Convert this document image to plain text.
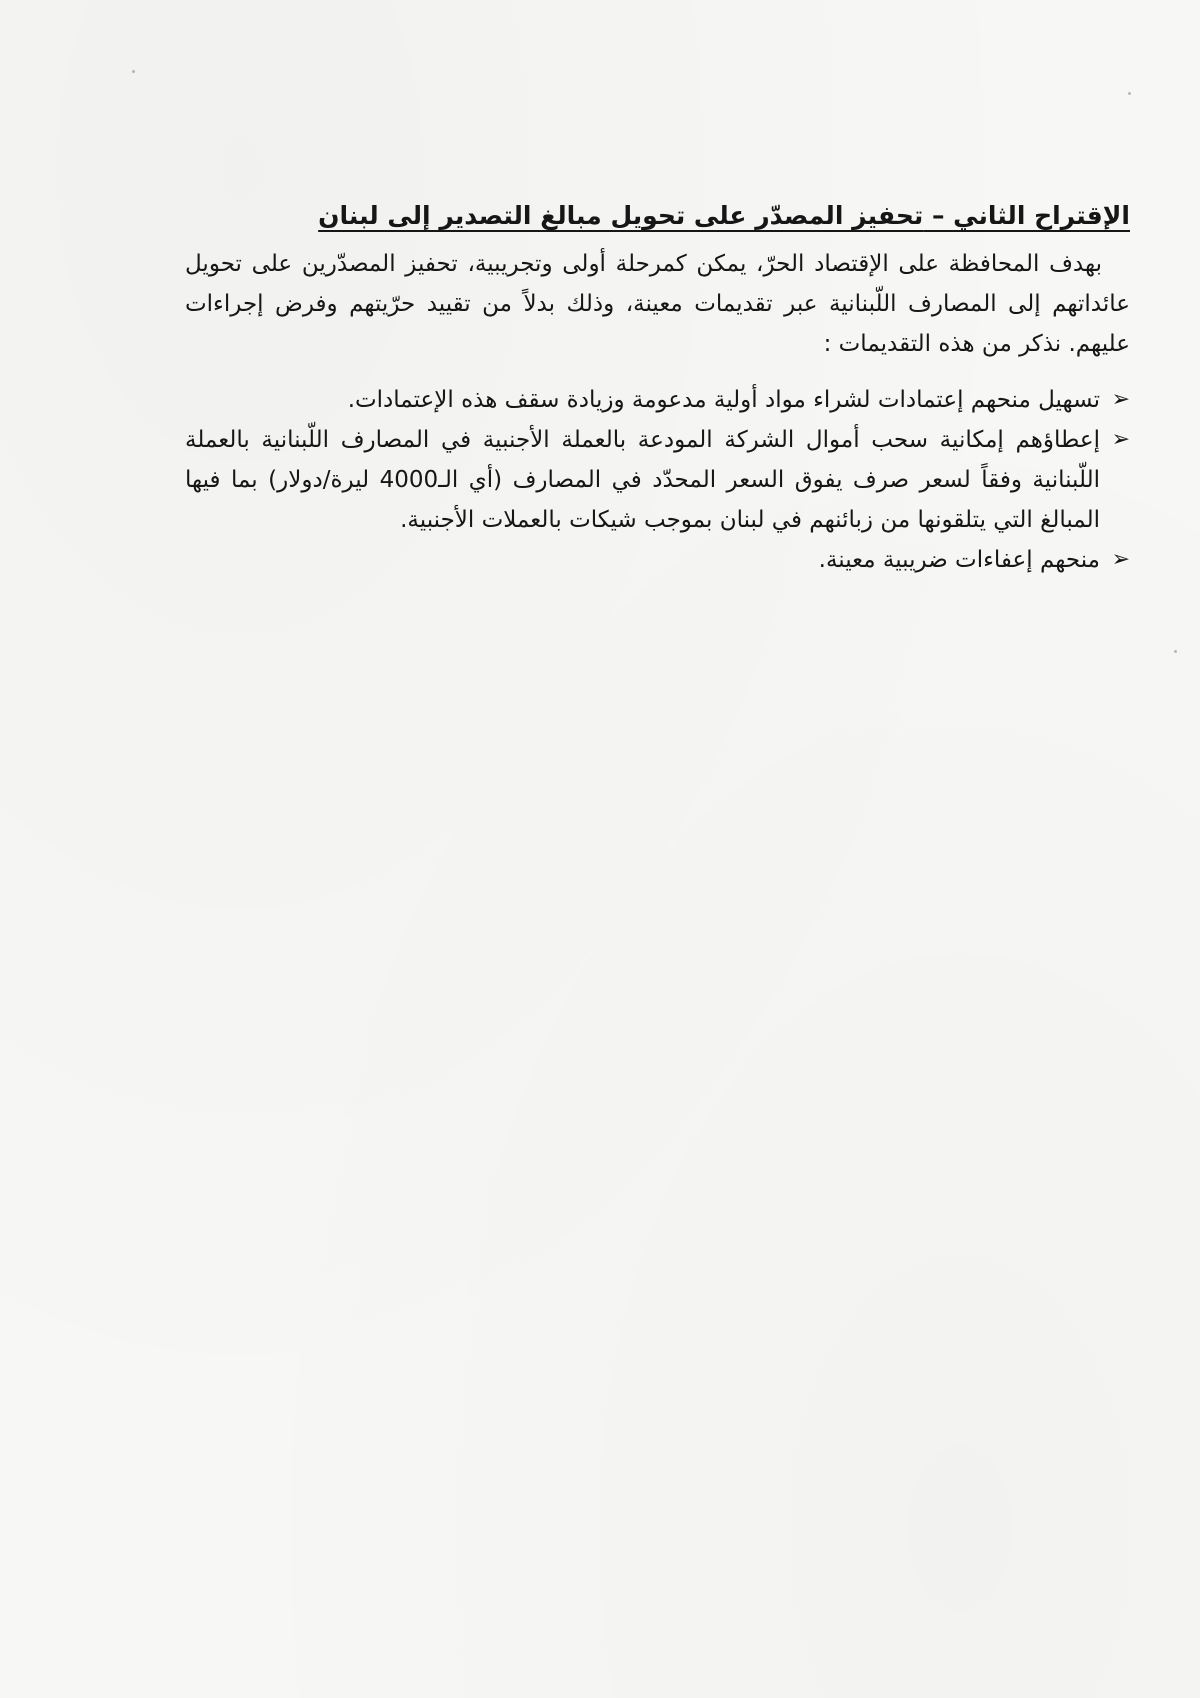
الإقتراح الثاني – تحفيز المصدّر على تحويل مبالغ التصدير إلى لبنان

بهدف المحافظة على الإقتصاد الحرّ، يمكن كمرحلة أولى وتجريبية، تحفيز المصدّرين على تحويل عائداتهم إلى المصارف اللّبنانية عبر تقديمات معينة، وذلك بدلاً من تقييد حرّيتهم وفرض إجراءات عليهم. نذكر من هذه التقديمات :

➢
تسهيل منحهم إعتمادات لشراء مواد أولية مدعومة وزيادة سقف هذه الإعتمادات.
➢
إعطاؤهم إمكانية سحب أموال الشركة المودعة بالعملة الأجنبية في المصارف اللّبنانية بالعملة اللّبنانية وفقاً لسعر صرف يفوق السعر المحدّد في المصارف (أي الـ4000 ليرة/دولار) بما فيها المبالغ التي يتلقونها من زبائنهم في لبنان بموجب شيكات بالعملات الأجنبية.
➢
منحهم إعفاءات ضريبية معينة.
